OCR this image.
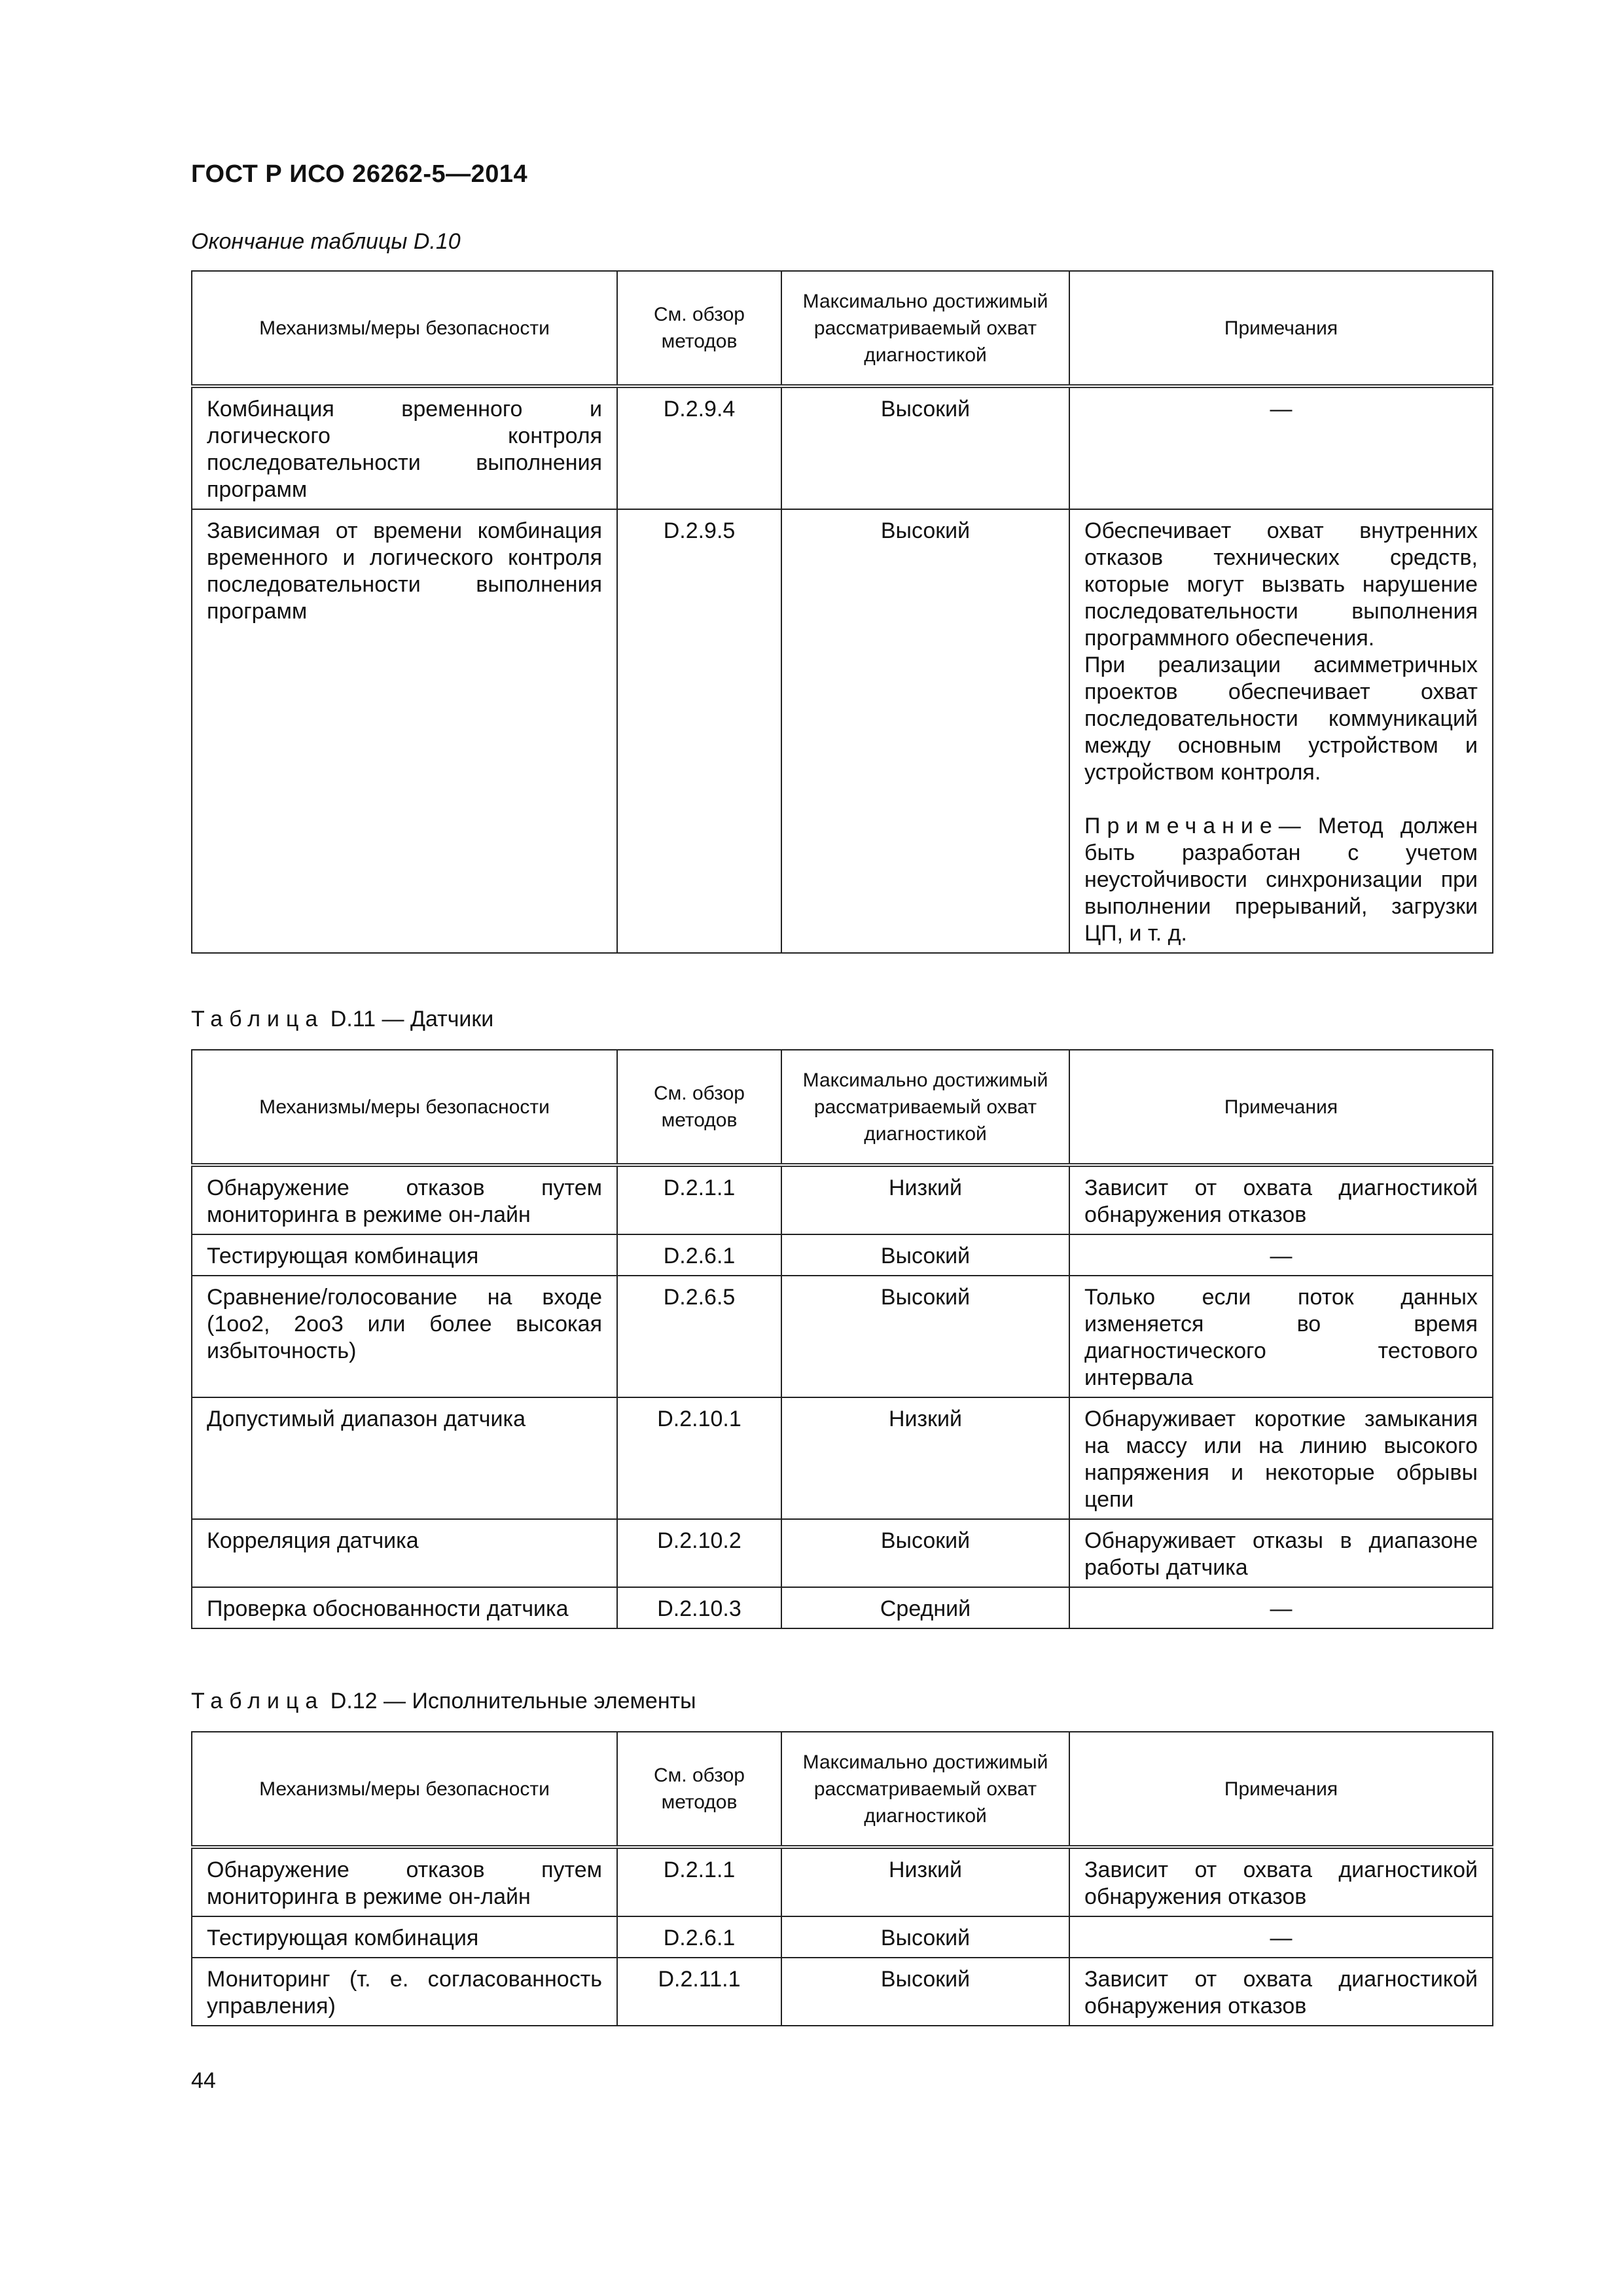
ГОСТ Р ИСО 26262-5—2014
Окончание таблицы D.10
Механизмы/меры безопасности	См. обзор методов	Максимально достижимый рассматриваемый охват диагностикой	Примечания
Комбинация временного и логического контроля последовательности выполнения программ	D.2.9.4	Высокий	—
Зависимая от времени комбинация временного и логического контроля последовательности выполнения программ	D.2.9.5	Высокий	Обеспечивает охват внутренних отказов технических средств, которые могут вызвать нарушение последовательности выполнения программного обеспечения.
При реализации асимметричных проектов обеспечивает охват последовательности коммуникаций между основным устройством и устройством контроля.
Примечание— Метод должен быть разработан с учетом неустойчивости синхронизации при выполнении прерываний, загрузки ЦП, и т. д.
Таблица D.11 — Датчики
Механизмы/меры безопасности	См. обзор методов	Максимально достижимый рассматриваемый охват диагностикой	Примечания
Обнаружение отказов путем мониторинга в режиме он-лайн	D.2.1.1	Низкий	Зависит от охвата диагностикой обнаружения отказов
Тестирующая комбинация	D.2.6.1	Высокий	—
Сравнение/голосование на входе (1oo2, 2oo3 или более высокая избыточность)	D.2.6.5	Высокий	Только если поток данных изменяется во время диагностического тестового интервала
Допустимый диапазон датчика	D.2.10.1	Низкий	Обнаруживает короткие замыкания на массу или на линию высокого напряжения и некоторые обрывы цепи
Корреляция датчика	D.2.10.2	Высокий	Обнаруживает отказы в диапазоне работы датчика
Проверка обоснованности датчика	D.2.10.3	Средний	—
Таблица D.12 — Исполнительные элементы
Механизмы/меры безопасности	См. обзор методов	Максимально достижимый рассматриваемый охват диагностикой	Примечания
Обнаружение отказов путем мониторинга в режиме он-лайн	D.2.1.1	Низкий	Зависит от охвата диагностикой обнаружения отказов
Тестирующая комбинация	D.2.6.1	Высокий	—
Мониторинг (т. е. согласованность управления)	D.2.11.1	Высокий	Зависит от охвата диагностикой обнаружения отказов
44
